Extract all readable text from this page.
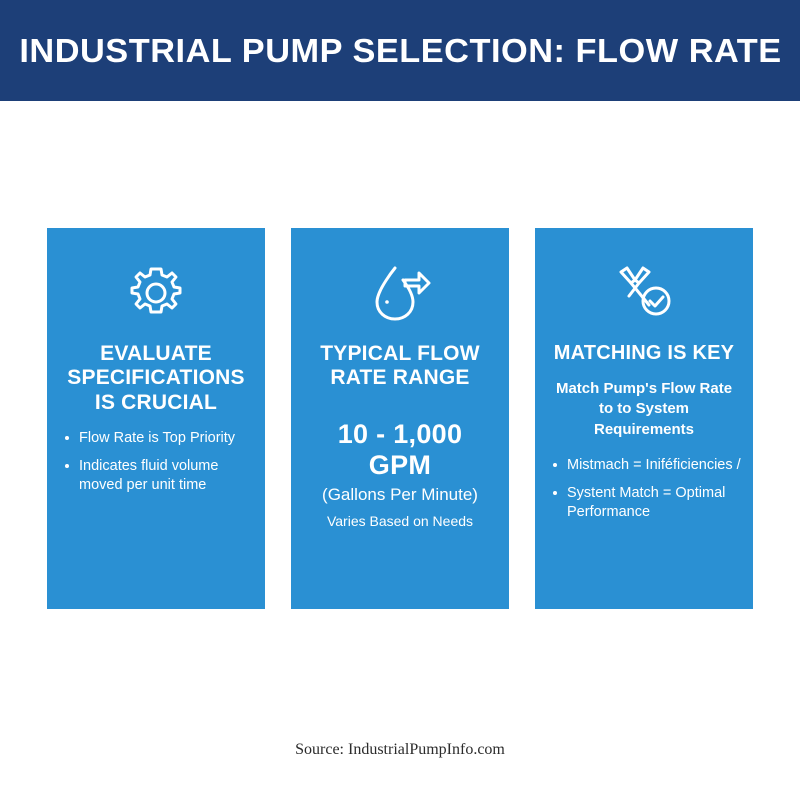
INDUSTRIAL PUMP SELECTION: FLOW RATE
EVALUATE SPECIFICATIONS IS CRUCIAL
Flow Rate is Top Priority
Indicates fluid volume moved per unit time
TYPICAL FLOW RATE RANGE
10 - 1,000 GPM
(Gallons Per Minute)
Varies Based on Needs
MATCHING IS KEY
Match Pump's Flow Rate to to System Requirements
Mistmach = Iniféficiencies /
Systent Match = Optimal Performance
Source: IndustrialPumpInfo.com
